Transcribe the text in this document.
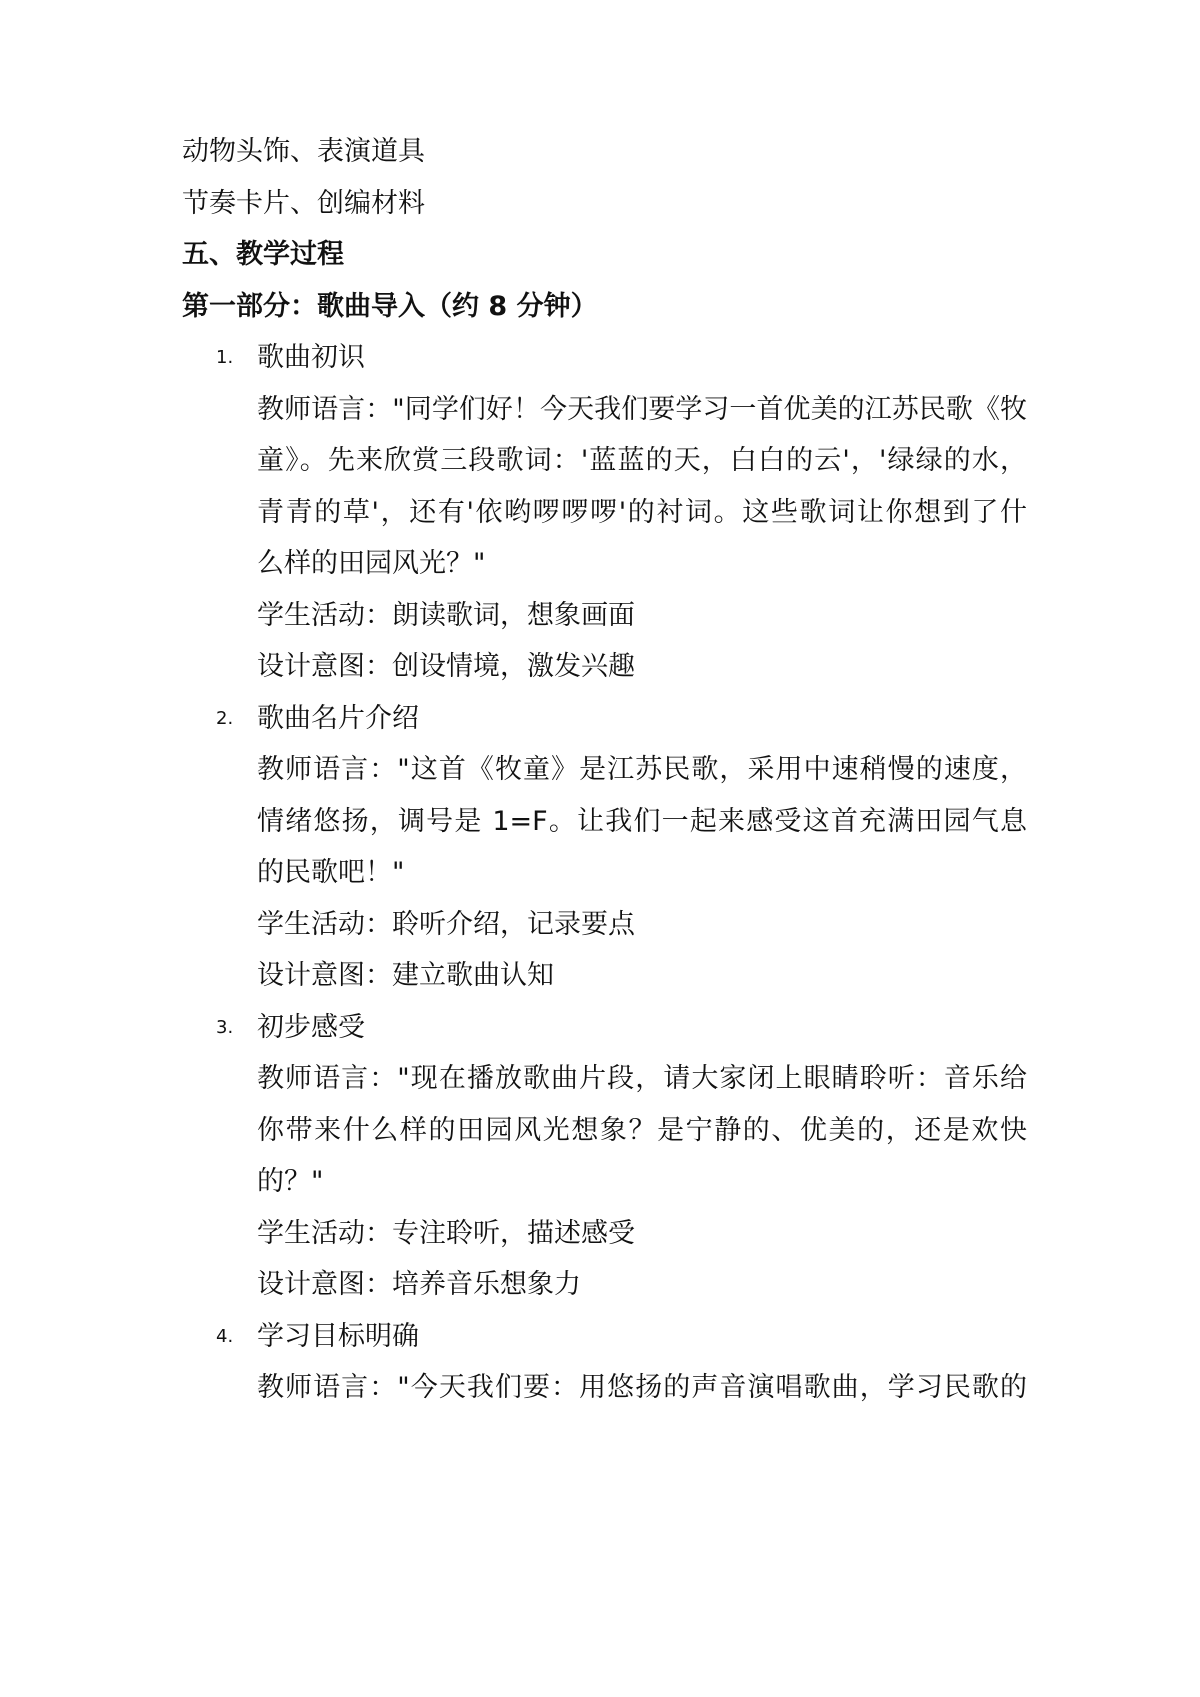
动物头饰、表演道具
节奏卡片、创编材料
五、教学过程
第一部分：歌曲导入（约 8 分钟）
1. 歌曲初识
教师语言："同学们好！今天我们要学习一首优美的江苏民歌《牧
童》。先来欣赏三段歌词：'蓝蓝的天，白白的云'，'绿绿的水，
青青的草'，还有'依哟啰啰啰'的衬词。这些歌词让你想到了什
么样的田园风光？"
学生活动：朗读歌词，想象画面
设计意图：创设情境，激发兴趣
2. 歌曲名片介绍
教师语言："这首《牧童》是江苏民歌，采用中速稍慢的速度，
情绪悠扬，调号是 1=F。让我们一起来感受这首充满田园气息
的民歌吧！"
学生活动：聆听介绍，记录要点
设计意图：建立歌曲认知
3. 初步感受
教师语言："现在播放歌曲片段，请大家闭上眼睛聆听：音乐给
你带来什么样的田园风光想象？是宁静的、优美的，还是欢快
的？"
学生活动：专注聆听，描述感受
设计意图：培养音乐想象力
4. 学习目标明确
教师语言："今天我们要：用悠扬的声音演唱歌曲，学习民歌的
